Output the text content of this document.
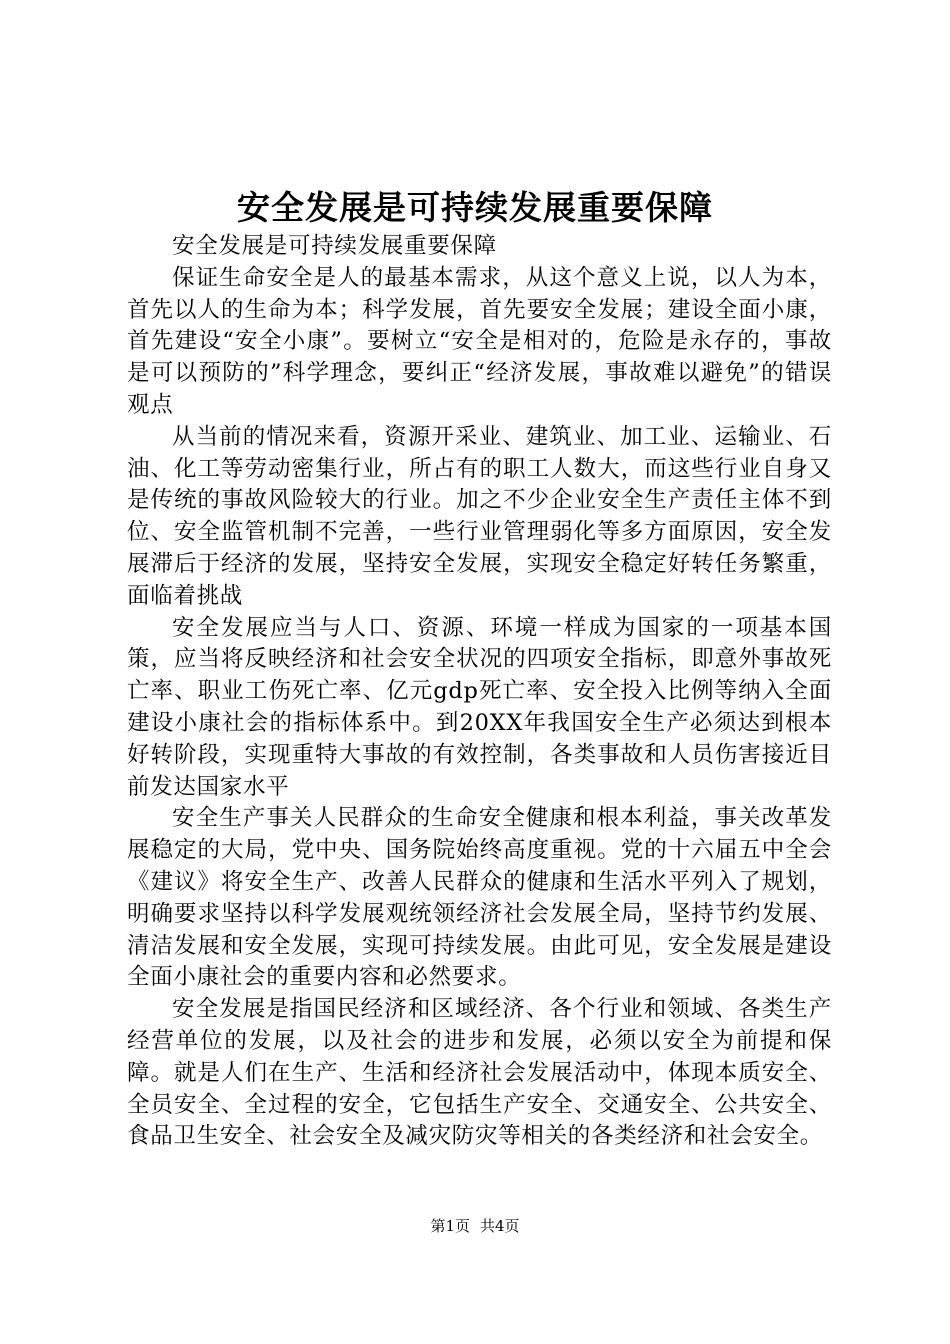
安全发展是可持续发展重要保障

安全发展是可持续发展重要保障

保证生命安全是人的最基本需求，从这个意义上说，以人为本，首先以人的生命为本；科学发展，首先要安全发展；建设全面小康，首先建设“安全小康”。要树立“安全是相对的，危险是永存的，事故是可以预防的”科学理念，要纠正“经济发展，事故难以避免”的错误观点

从当前的情况来看，资源开采业、建筑业、加工业、运输业、石油、化工等劳动密集行业，所占有的职工人数大，而这些行业自身又是传统的事故风险较大的行业。加之不少企业安全生产责任主体不到位、安全监管机制不完善，一些行业管理弱化等多方面原因，安全发展滞后于经济的发展，坚持安全发展，实现安全稳定好转任务繁重，面临着挑战

安全发展应当与人口、资源、环境一样成为国家的一项基本国策，应当将反映经济和社会安全状况的四项安全指标，即意外事故死亡率、职业工伤死亡率、亿元gdp死亡率、安全投入比例等纳入全面建设小康社会的指标体系中。到20XX年我国安全生产必须达到根本好转阶段，实现重特大事故的有效控制，各类事故和人员伤害接近目前发达国家水平

安全生产事关人民群众的生命安全健康和根本利益，事关改革发展稳定的大局，党中央、国务院始终高度重视。党的十六届五中全会《建议》将安全生产、改善人民群众的健康和生活水平列入了规划，明确要求坚持以科学发展观统领经济社会发展全局，坚持节约发展、清洁发展和安全发展，实现可持续发展。由此可见，安全发展是建设全面小康社会的重要内容和必然要求。

安全发展是指国民经济和区域经济、各个行业和领域、各类生产经营单位的发展，以及社会的进步和发展，必须以安全为前提和保障。就是人们在生产、生活和经济社会发展活动中，体现本质安全、全员安全、全过程的安全，它包括生产安全、交通安全、公共安全、食品卫生安全、社会安全及减灾防灾等相关的各类经济和社会安全。

第1页 共4页
